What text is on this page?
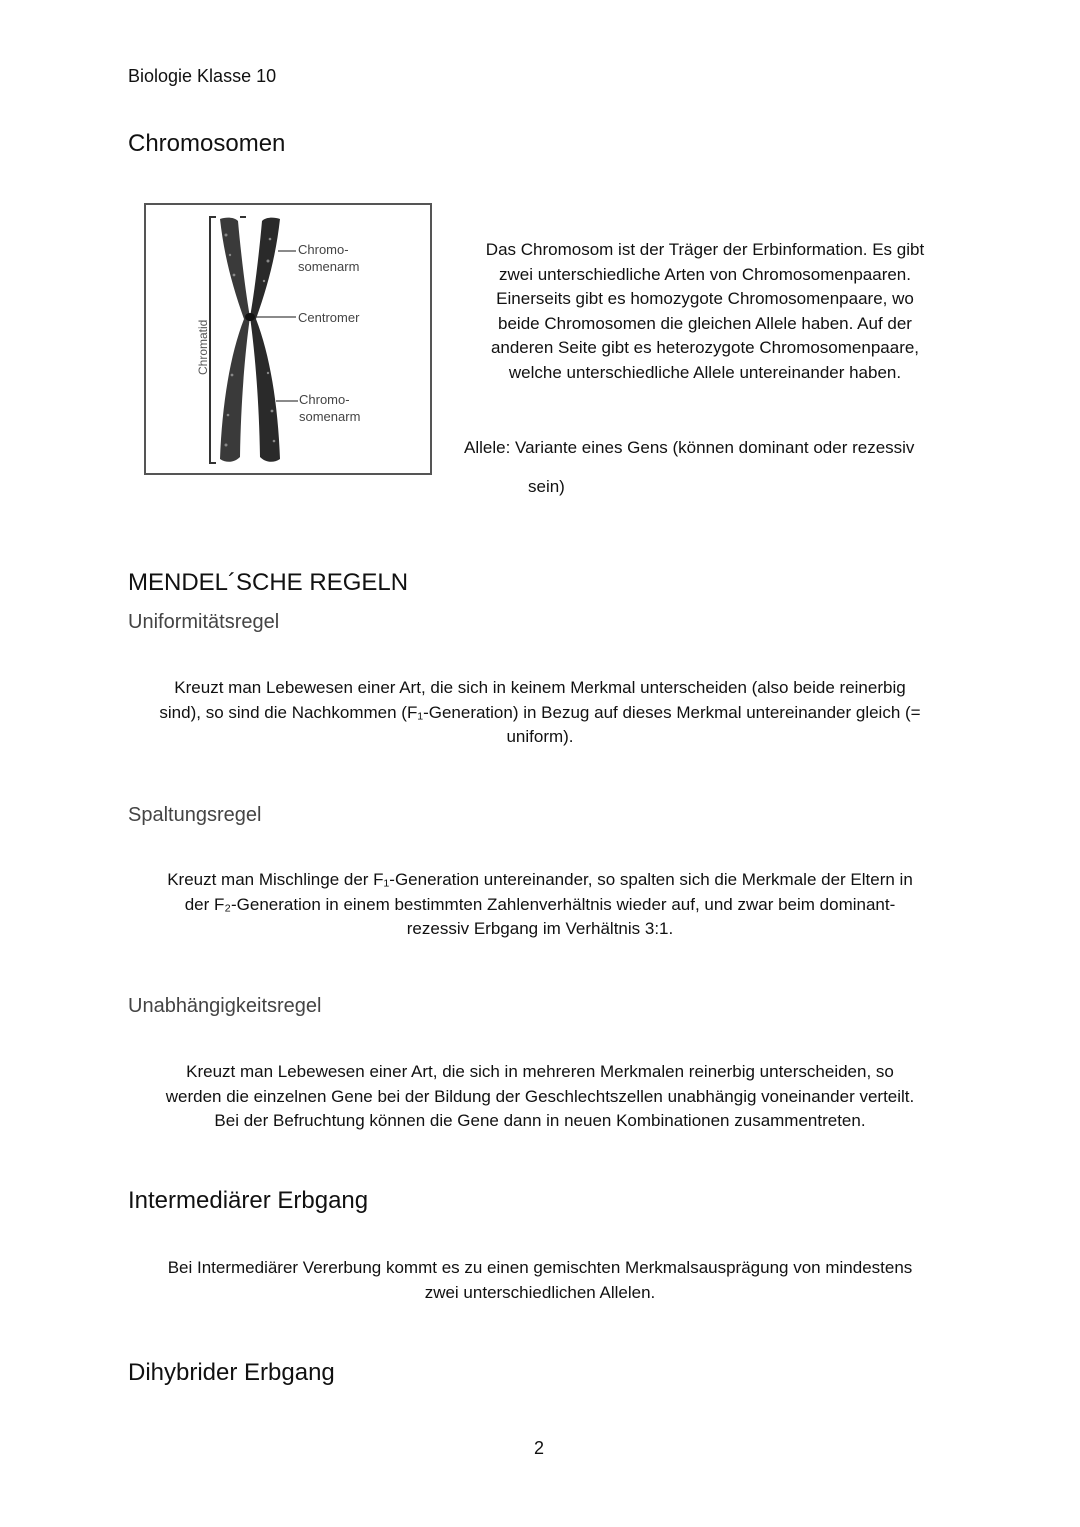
Biologie Klasse 10
Chromosomen
Chromo-
somenarm
Centromer
Chromo-
somenarm
Chromatid
Das Chromosom ist der Träger der Erbinformation. Es gibt
zwei unterschiedliche Arten von Chromosomenpaaren.
Einerseits gibt es homozygote Chromosomenpaare, wo
beide Chromosomen die gleichen Allele haben. Auf der
anderen Seite gibt es heterozygote Chromosomenpaare,
welche unterschiedliche Allele untereinander haben.
Allele: Variante eines Gens (können dominant oder rezessiv
sein)
MENDEL´SCHE REGELN
Uniformitätsregel
Kreuzt man Lebewesen einer Art, die sich in keinem Merkmal unterscheiden (also beide reinerbig
sind), so sind die Nachkommen (F₁-Generation) in Bezug auf dieses Merkmal untereinander gleich (=
uniform).
Spaltungsregel
Kreuzt man Mischlinge der F₁-Generation untereinander, so spalten sich die Merkmale der Eltern in
der F₂-Generation in einem bestimmten Zahlenverhältnis wieder auf, und zwar beim dominant-
rezessiv Erbgang im Verhältnis 3:1.
Unabhängigkeitsregel
Kreuzt man Lebewesen einer Art, die sich in mehreren Merkmalen reinerbig unterscheiden, so
werden die einzelnen Gene bei der Bildung der Geschlechtszellen unabhängig voneinander verteilt.
Bei der Befruchtung können die Gene dann in neuen Kombinationen zusammentreten.
Intermediärer Erbgang
Bei Intermediärer Vererbung kommt es zu einen gemischten Merkmalsausprägung von mindestens
zwei unterschiedlichen Allelen.
Dihybrider Erbgang
2
